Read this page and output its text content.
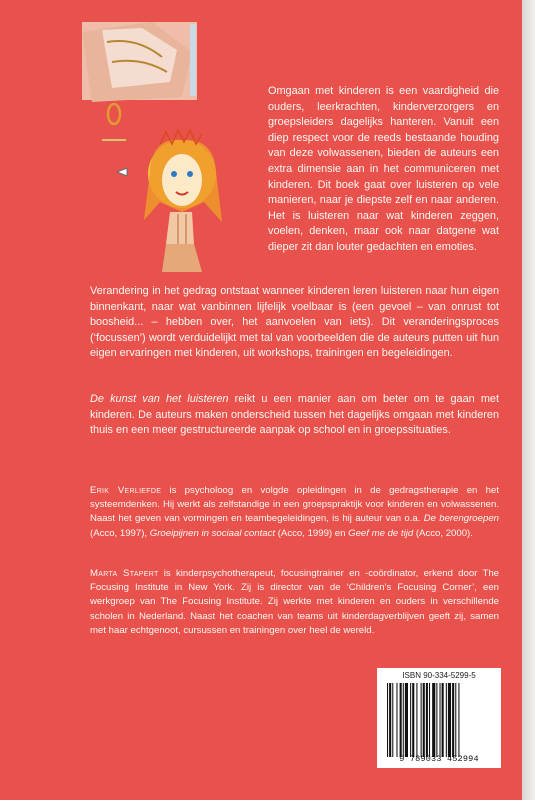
Omgaan met kinderen is een vaardigheid die ouders, leerkrachten, kinderverzorgers en groepsleiders dagelijks hanteren. Vanuit een diep respect voor de reeds bestaande houding van deze volwassenen, bieden de auteurs een extra dimensie aan in het communiceren met kinderen. Dit boek gaat over luisteren op vele manieren, naar je diepste zelf en naar anderen. Het is luisteren naar wat kinderen zeggen, voelen, denken, maar ook naar datgene wat dieper zit dan louter gedachten en emoties.

Verandering in het gedrag ontstaat wanneer kinderen leren luisteren naar hun eigen binnenkant, naar wat vanbinnen lijfelijk voelbaar is (een gevoel – van onrust tot boosheid... – hebben over, het aanvoelen van iets). Dit veranderingsproces (‘focussen’) wordt verduidelijkt met tal van voorbeelden die de auteurs putten uit hun eigen ervaringen met kinderen, uit workshops, trainingen en begeleidingen.

De kunst van het luisteren reikt u een manier aan om beter om te gaan met kinderen. De auteurs maken onderscheid tussen het dagelijks omgaan met kinderen thuis en een meer gestructureerde aanpak op school en in groepssituaties.

Erik Verliefde is psycholoog en volgde opleidingen in de gedragstherapie en het systeemdenken. Hij werkt als zelfstandige in een groepspraktijk voor kinderen en volwassenen. Naast het geven van vormingen en teambegeleidingen, is hij auteur van o.a. De berengroepen (Acco, 1997), Groeipijnen in sociaal contact (Acco, 1999) en Geef me de tijd (Acco, 2000).

Marta Stapert is kinderpsychotherapeut, focusingtrainer en -coördinator, erkend door The Focusing Institute in New York. Zij is director van de ‘Children’s Focusing Corner’, een werkgroep van The Focusing Institute. Zij werkte met kinderen en ouders in verschillende scholen in Nederland. Naast het coachen van teams uit kinderdagverblijven geeft zij, samen met haar echtgenoot, cursussen en trainingen over heel de wereld.

ISBN 90-334-5299-5
9 789033 452994
